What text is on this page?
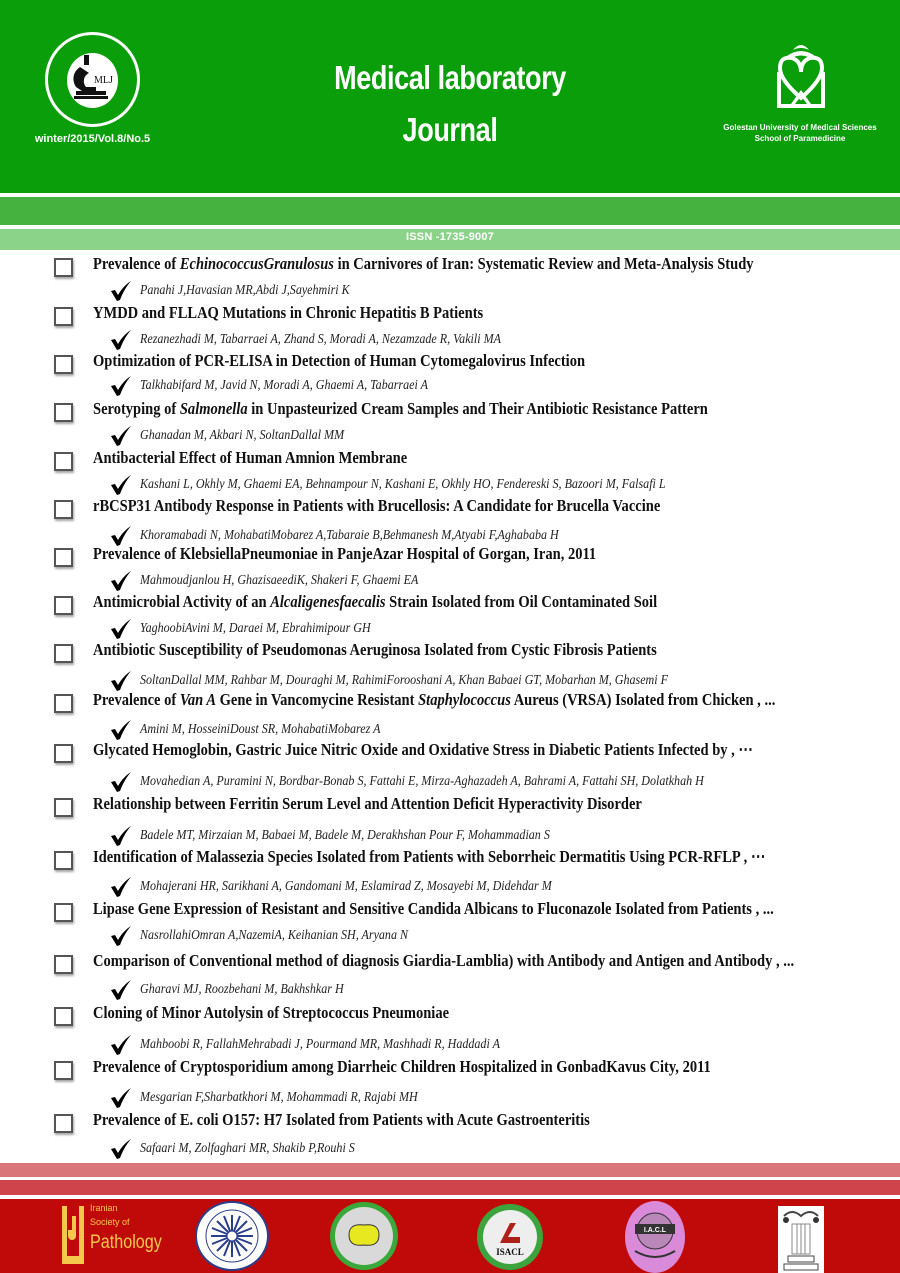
MLJ
winter/2015/Vol.8/No.5
Medical laboratory
Journal	Golestan University of Medical Sciences
School of Paramedicine
ISSN -1735-9007
Prevalence of EchinococcusGranulosus in Carnivores of Iran: Systematic Review and Meta-Analysis Study
Panahi J,Havasian MR,Abdi J,Sayehmiri K
YMDD and FLLAQ Mutations in Chronic Hepatitis B Patients
Rezanezhadi M, Tabarraei A, Zhand S, Moradi A, Nezamzade R, Vakili MA
Optimization of PCR-ELISA in Detection of Human Cytomegalovirus Infection
Talkhabifard M, Javid N, Moradi A, Ghaemi A, Tabarraei A
Serotyping of Salmonella in Unpasteurized Cream Samples and Their Antibiotic Resistance Pattern
Ghanadan M, Akbari N, SoltanDallal MM
Antibacterial Effect of Human Amnion Membrane
Kashani L, Okhly M, Ghaemi EA, Behnampour N, Kashani E, Okhly HO, Fendereski S, Bazoori M, Falsafi L
rBCSP31 Antibody Response in Patients with Brucellosis: A Candidate for Brucella Vaccine
Khoramabadi N, MohabatiMobarez A,Tabaraie B,Behmanesh M,Atyabi F,Aghababa H
Prevalence of KlebsiellaPneumoniae in PanjeAzar Hospital of Gorgan, Iran, 2011
Mahmoudjanlou H, GhazisaeediK, Shakeri F, Ghaemi EA
Antimicrobial Activity of an Alcaligenesfaecalis Strain Isolated from Oil Contaminated Soil
YaghoobiAvini M, Daraei M, Ebrahimipour GH
Antibiotic Susceptibility of Pseudomonas Aeruginosa Isolated from Cystic Fibrosis Patients
SoltanDallal MM, Rahbar M, Douraghi M, RahimiForooshani A, Khan Babaei GT, Mobarhan M, Ghasemi F
Prevalence of Van A Gene in Vancomycine Resistant Staphylococcus Aureus (VRSA) Isolated from Chicken , ...
Amini M, HosseiniDoust SR, MohabatiMobarez A
Glycated Hemoglobin, Gastric Juice Nitric Oxide and Oxidative Stress in Diabetic Patients Infected by , ⋯
Movahedian A, Puramini N, Bordbar-Bonab S, Fattahi E, Mirza-Aghazadeh A, Bahrami A, Fattahi SH, Dolatkhah H
Relationship between Ferritin Serum Level and Attention Deficit Hyperactivity Disorder
Badele MT, Mirzaian M, Babaei M, Badele M, Derakhshan Pour F, Mohammadian S
Identification of Malassezia Species Isolated from Patients with Seborrheic Dermatitis Using PCR-RFLP , ⋯
Mohajerani HR, Sarikhani A, Gandomani M, Eslamirad Z, Mosayebi M, Didehdar M
Lipase Gene Expression of Resistant and Sensitive Candida Albicans to Fluconazole Isolated from Patients , ...
NasrollahiOmran A,NazemiA, Keihanian SH, Aryana N
Comparison of Conventional method of diagnosis Giardia-Lamblia) with Antibody and Antigen and Antibody , ...
Gharavi MJ, Roozbehani M, Bakhshkar H
Cloning of Minor Autolysin of Streptococcus Pneumoniae
Mahboobi R, FallahMehrabadi J, Pourmand MR, Mashhadi R, Haddadi A
Prevalence of Cryptosporidium among Diarrheic Children Hospitalized in GonbadKavus City, 2011
Mesgarian F,Sharbatkhori M, Mohammadi R, Rajabi MH
Prevalence of E. coli O157: H7 Isolated from Patients with Acute Gastroenteritis
Safaari M, Zolfaghari MR, Shakib P,Rouhi S
Iranian
Society of
Pathology	ISACL
I.A.C.L
